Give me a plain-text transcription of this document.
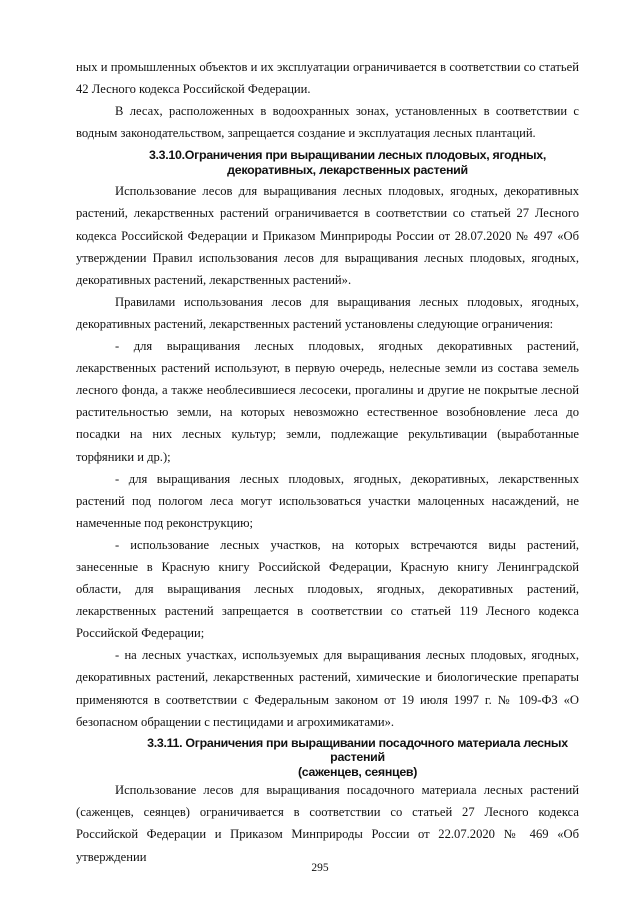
ных и промышленных объектов и их эксплуатации ограничивается в соответствии со статьей 42 Лесного кодекса Российской Федерации.

В лесах, расположенных в водоохранных зонах, установленных в соответствии с водным законодательством, запрещается создание и эксплуатация лесных плантаций.

3.3.10.Ограничения при выращивании лесных плодовых, ягодных,
декоративных, лекарственных растений

Использование лесов для выращивания лесных плодовых, ягодных, декоративных растений, лекарственных растений ограничивается в соответствии со статьей 27 Лесного кодекса Российской Федерации и Приказом Минприроды России от 28.07.2020 № 497 «Об утверждении Правил использования лесов для выращивания лесных плодовых, ягодных, декоративных растений, лекарственных растений».

Правилами использования лесов для выращивания лесных плодовых, ягодных, декоративных растений, лекарственных растений установлены следующие ограничения:

- для выращивания лесных плодовых, ягодных декоративных растений, лекарственных растений используют, в первую очередь, нелесные земли из состава земель лесного фонда, а также необлесившиеся лесосеки, прогалины и другие не покрытые лесной растительностью земли, на которых невозможно естественное возобновление леса до посадки на них лесных культур; земли, подлежащие рекультивации (выработанные торфяники и др.);

- для выращивания лесных плодовых, ягодных, декоративных, лекарственных растений под пологом леса могут использоваться участки малоценных насаждений, не намеченные под реконструкцию;

- использование лесных участков, на которых встречаются виды растений, занесенные в Красную книгу Российской Федерации, Красную книгу Ленинградской области, для выращивания лесных плодовых, ягодных, декоративных растений, лекарственных растений запрещается в соответствии со статьей 119 Лесного кодекса Российской Федерации;

- на лесных участках, используемых для выращивания лесных плодовых, ягодных, декоративных растений, лекарственных растений, химические и биологические препараты применяются в соответствии с Федеральным законом от 19 июля 1997 г. № 109-ФЗ «О безопасном обращении с пестицидами и агрохимикатами».

3.3.11. Ограничения при выращивании посадочного материала лесных растений
(саженцев, сеянцев)

Использование лесов для выращивания посадочного материала лесных растений (саженцев, сеянцев) ограничивается в соответствии со статьей 27 Лесного кодекса Российской Федерации и Приказом Минприроды России от 22.07.2020 № 469 «Об утверждении

295
